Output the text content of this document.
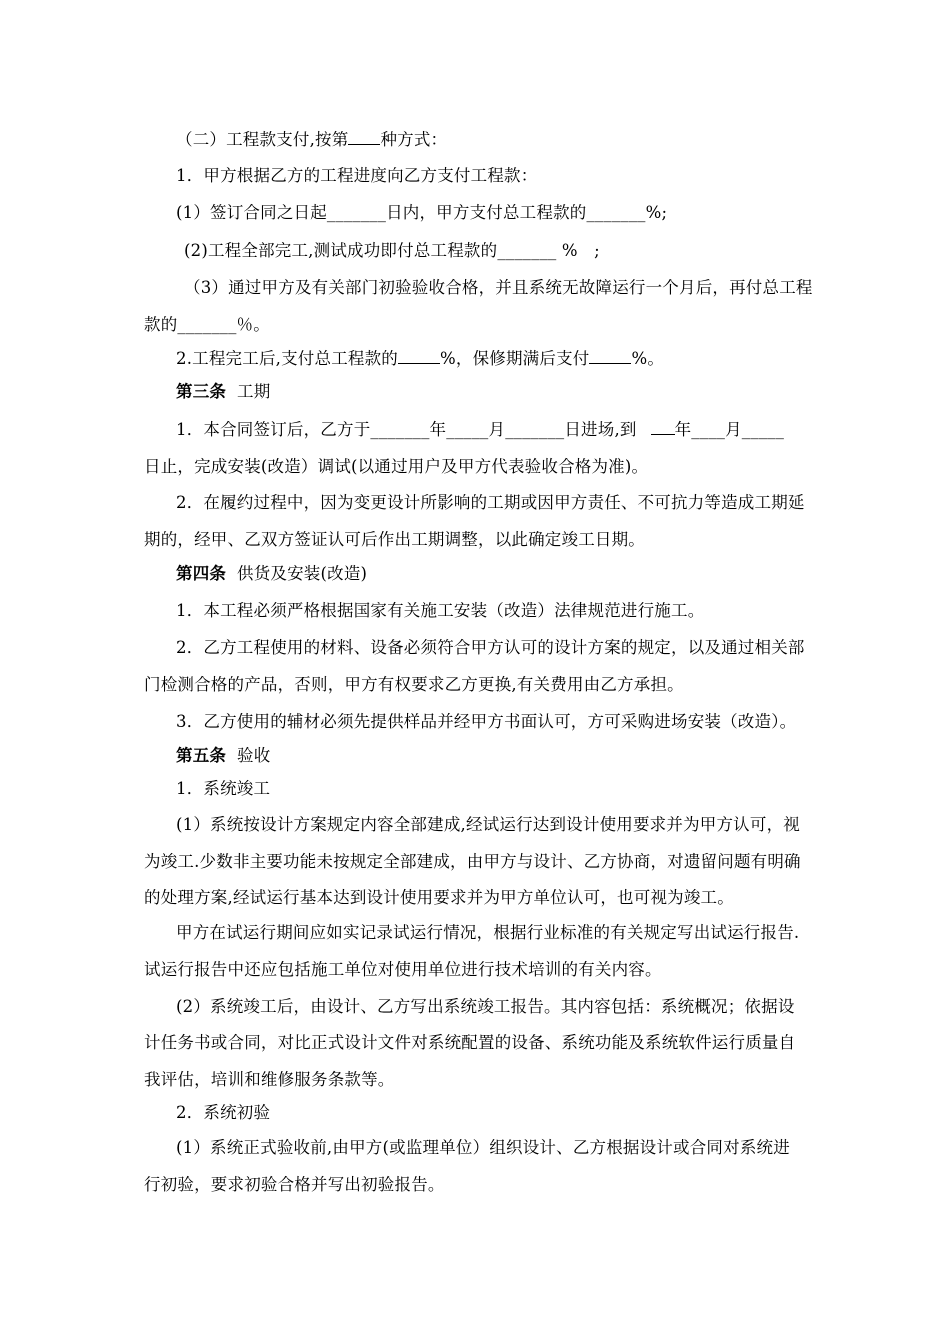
（二）工程款支付,按第 种方式：
1．甲方根据乙方的工程进度向乙方支付工程款：
(1）签订合同之日起_______日内，甲方支付总工程款的_______%;
(2)工程全部完工,测试成功即付总工程款的_______ %   ;
（3）通过甲方及有关部门初验验收合格，并且系统无故障运行一个月后，再付总工程
款的_______％。
2.工程完工后,支付总工程款的	%，保修期满后支付	%。
第三条  工期
1．本合同签订后，乙方于_______年_____月_______日进场,到 年____月_____
日止，完成安装(改造）调试(以通过用户及甲方代表验收合格为准)。
2．在履约过程中，因为变更设计所影响的工期或因甲方责任、不可抗力等造成工期延
期的，经甲、乙双方签证认可后作出工期调整，以此确定竣工日期。
第四条  供货及安装(改造)
1．本工程必须严格根据国家有关施工安装（改造）法律规范进行施工。
2．乙方工程使用的材料、设备必须符合甲方认可的设计方案的规定，以及通过相关部
门检测合格的产品，否则，甲方有权要求乙方更换,有关费用由乙方承担。
3．乙方使用的辅材必须先提供样品并经甲方书面认可，方可采购进场安装（改造）。
第五条  验收
1．系统竣工
(1）系统按设计方案规定内容全部建成,经试运行达到设计使用要求并为甲方认可，视
为竣工.少数非主要功能未按规定全部建成，由甲方与设计、乙方协商，对遗留问题有明确
的处理方案,经试运行基本达到设计使用要求并为甲方单位认可，也可视为竣工。
甲方在试运行期间应如实记录试运行情况，根据行业标准的有关规定写出试运行报告.
试运行报告中还应包括施工单位对使用单位进行技术培训的有关内容。
(2）系统竣工后，由设计、乙方写出系统竣工报告。其内容包括：系统概况；依据设
计任务书或合同，对比正式设计文件对系统配置的设备、系统功能及系统软件运行质量自
我评估，培训和维修服务条款等。
2．系统初验
(1）系统正式验收前,由甲方(或监理单位）组织设计、乙方根据设计或合同对系统进
行初验，要求初验合格并写出初验报告。
